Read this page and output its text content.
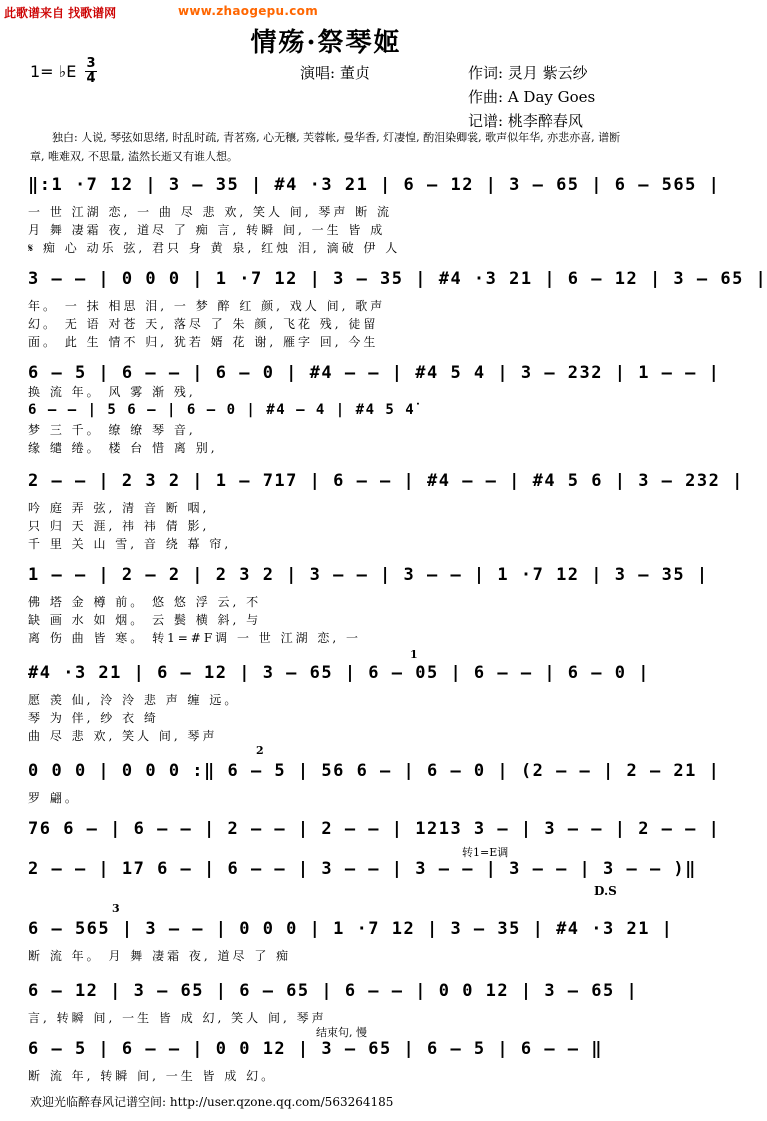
此歌谱来自 找歌谱网	www.zhaogepu.com
情殇·祭琴姬
1= ♭E 3
4	演唱: 董贞	作词: 灵月 紫云纱
作曲: A Day Goes
记谱: 桃李醉春风
独白: 人说, 琴弦如思绪, 时乱时疏, 青茗殇, 心无穰, 芙蓉帐, 曼华香, 灯凄惶, 酌泪染卿裳, 歌声似年华, 亦悲亦喜, 谱断章, 唯难双, 不思量, 溘然长逝又有谁人想。
‖:1 ·7 12 | 3 – 35 | #4 ·3 21 | 6 – 12 | 3 – 65 | 6 – 565 |
一 世 江湖 恋, 一 曲 尽 悲 欢, 笑人 间, 琴声 断 流
月 舞 凄霜 夜, 道尽 了 痴 言, 转瞬 间, 一生 皆 成
𝄋 痴 心 动乐 弦, 君只 身 黄 泉, 红烛 泪, 滴破 伊 人
3 – – | 0 0 0 | 1 ·7 12 | 3 – 35 | #4 ·3 21 | 6 – 12 | 3 – 65 |
年。 一 抹 相思 泪, 一 梦 醉 红 颜, 戏人 间, 歌声
幻。 无 语 对苍 天, 落尽 了 朱 颜, 飞花 残, 徒留
面。 此 生 情不 归, 犹若 婿 花 谢, 雁字 回, 今生
6 – 5 | 6 – – | 6 – 0 | #4 – – | #4 5 4 | 3 – 232 | 1 – – |
换 流 年。 风 雾 渐 残,
6 – – | 5 6 – | 6 – 0 | #4 – 4 | #4 5 4̇
梦 三 千。 缭 缭 琴 音,
缘 缱 绻。 楼 台 惜 离 别,
2 – – | 2 3 2 | 1 – 717 | 6 – – | #4 – – | #4 5 6 | 3 – 232 |
吟 庭 弄 弦, 清 音 断 咽,
只 归 天 涯, 祎 祎 倩 影,
千 里 关 山 雪, 音 绕 幕 帘,
1 – – | 2 – 2 | 2 3 2 | 3 – – | 3 – – | 1 ·7 12 | 3 – 35 |
佛 塔 金 樽 前。 悠 悠 浮 云, 不
缺 画 水 如 烟。 云 鬓 横 斜, 与
离 伤 曲 皆 寒。 转1=#F调 一 世 江湖 恋, 一
1
#4 ·3 21 | 6 – 12 | 3 – 65 | 6 – 05 | 6 – – | 6 – 0 |
愿 羡 仙, 泠 泠 悲 声 缠 远。
琴 为 伴, 纱 衣 绮
曲 尽 悲 欢, 笑人 间, 琴声
2
0 0 0 | 0 0 0 :‖ 6 – 5 | 56 6 – | 6 – 0 | (2 – – | 2 – 21 |
罗 翩。
76 6 – | 6 – – | 2 – – | 2 – – | 1213 3 – | 3 – – | 2 – – |
转1=E调
2 – – | 17 6 – | 6 – – | 3 – – | 3 – – | 3 – – | 3 – – )‖
D.S
3
6 – 565 | 3 – – | 0 0 0 | 1 ·7 12 | 3 – 35 | #4 ·3 21 |
断 流 年。 月 舞 凄霜 夜, 道尽 了 痴
6 – 12 | 3 – 65 | 6 – 65 | 6 – – | 0 0 12 | 3 – 65 |
言, 转瞬 间, 一生 皆 成 幻, 笑人 间, 琴声
结束句, 慢
6 – 5 | 6 – – | 0 0 12 | 3 – 65 | 6 – 5 | 6 – – ‖
断 流 年, 转瞬 间, 一生 皆 成 幻。
欢迎光临醉春风记谱空间: http://user.qzone.qq.com/563264185
